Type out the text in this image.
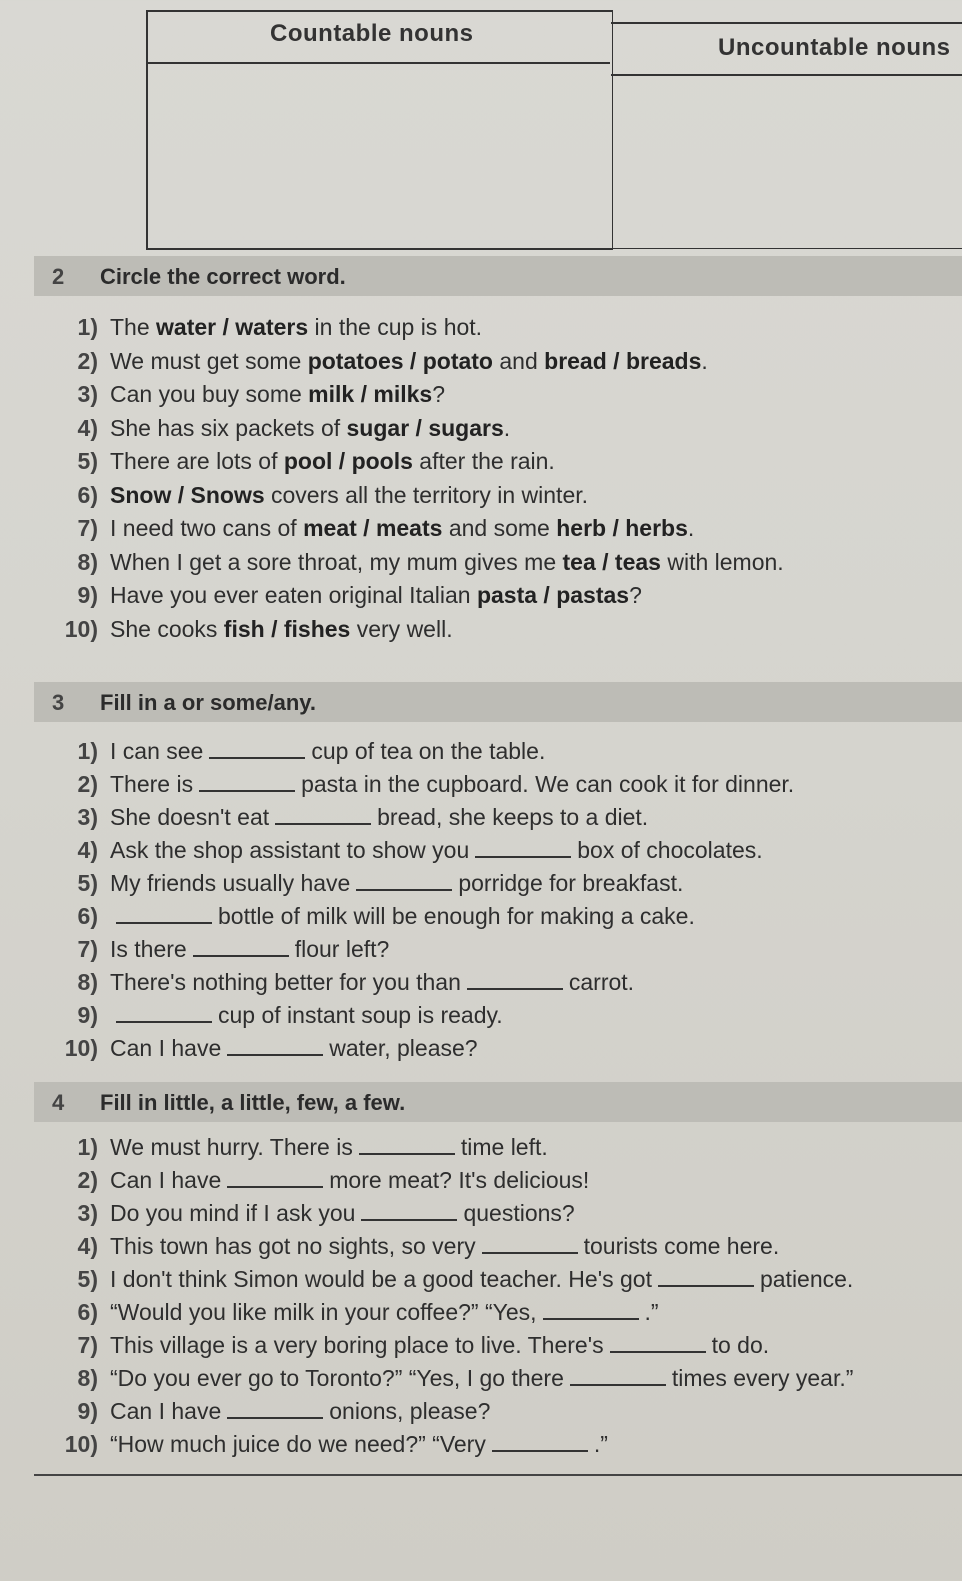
Countable nouns
Uncountable nouns
2 Circle the correct word.
1) The water / waters in the cup is hot.
2) We must get some potatoes / potato and bread / breads.
3) Can you buy some milk / milks?
4) She has six packets of sugar / sugars.
5) There are lots of pool / pools after the rain.
6) Snow / Snows covers all the territory in winter.
7) I need two cans of meat / meats and some herb / herbs.
8) When I get a sore throat, my mum gives me tea / teas with lemon.
9) Have you ever eaten original Italian pasta / pastas?
10) She cooks fish / fishes very well.
3 Fill in a or some/any.
1) I can see	cup of tea on the table.
2) There is	pasta in the cupboard. We can cook it for dinner.
3) She doesn't eat	bread, she keeps to a diet.
4) Ask the shop assistant to show you	box of chocolates.
5) My friends usually have	porridge for breakfast.
6)	bottle of milk will be enough for making a cake.
7) Is there	flour left?
8) There's nothing better for you than	carrot.
9)	cup of instant soup is ready.
10) Can I have	water, please?
4 Fill in little, a little, few, a few.
1) We must hurry. There is	time left.
2) Can I have	more meat? It's delicious!
3) Do you mind if I ask you	questions?
4) This town has got no sights, so very	tourists come here.
5) I don't think Simon would be a good teacher. He's got	patience.
6) “Would you like milk in your coffee?” “Yes,	.”
7) This village is a very boring place to live. There's	to do.
8) “Do you ever go to Toronto?” “Yes, I go there	times every year.”
9) Can I have	onions, please?
10) “How much juice do we need?” “Very	.”
